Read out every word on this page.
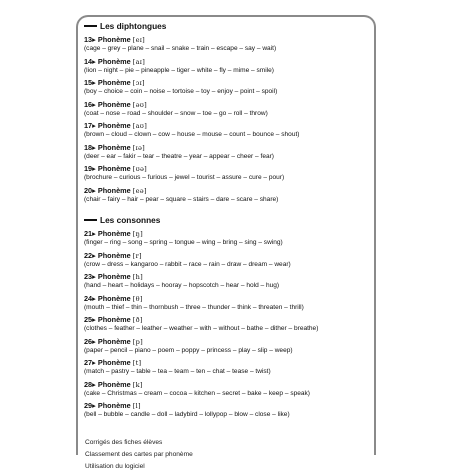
Les diphtongues
13▸ Phonème [eɪ]
(cage – grey – plane – snail – snake – train – escape – say – wait)
14▸ Phonème [aɪ]
(lion – night – pie – pineapple – tiger – white – fly – mime – smile)
15▸ Phonème [ɔɪ]
(boy – choice – coin – noise – tortoise – toy – enjoy – point – spoil)
16▸ Phonème [əʊ]
(coat – nose – road – shoulder – snow – toe – go – roll – throw)
17▸ Phonème [aʊ]
(brown – cloud – clown – cow – house – mouse – count – bounce – shout)
18▸ Phonème [ɪə]
(deer – ear – fakir – tear – theatre – year – appear – cheer – fear)
19▸ Phonème [ʊə]
(brochure – curious – furious – jewel – tourist – assure – cure – pour)
20▸ Phonème [eə]
(chair – fairy – hair – pear – square – stairs – dare – scare – share)
Les consonnes
21▸ Phonème [ŋ]
(finger – ring – song – spring – tongue – wing – bring – sing – swing)
22▸ Phonème [r]
(crow – dress – kangaroo – rabbit – race – rain – draw – dream – wear)
23▸ Phonème [h]
(hand – heart – holidays – hooray – hopscotch – hear – hold – hug)
24▸ Phonème [θ]
(mouth – thief – thin – thornbush – three – thunder – think – threaten – thrill)
25▸ Phonème [ð]
(clothes – feather – leather – weather – with – without – bathe – dither – breathe)
26▸ Phonème [p]
(paper – pencil – piano – poem – poppy – princess – play – slip – weep)
27▸ Phonème [t]
(match – pastry – table – tea – team – ten – chat – tease – twist)
28▸ Phonème [k]
(cake – Christmas – cream – cocoa – kitchen – secret – bake – keep – speak)
29▸ Phonème [l]
(bell – bubble – candle – doll – ladybird – lollypop – blow – close – like)
Corrigés des fiches élèves
Classement des cartes par phonème
Utilisation du logiciel
